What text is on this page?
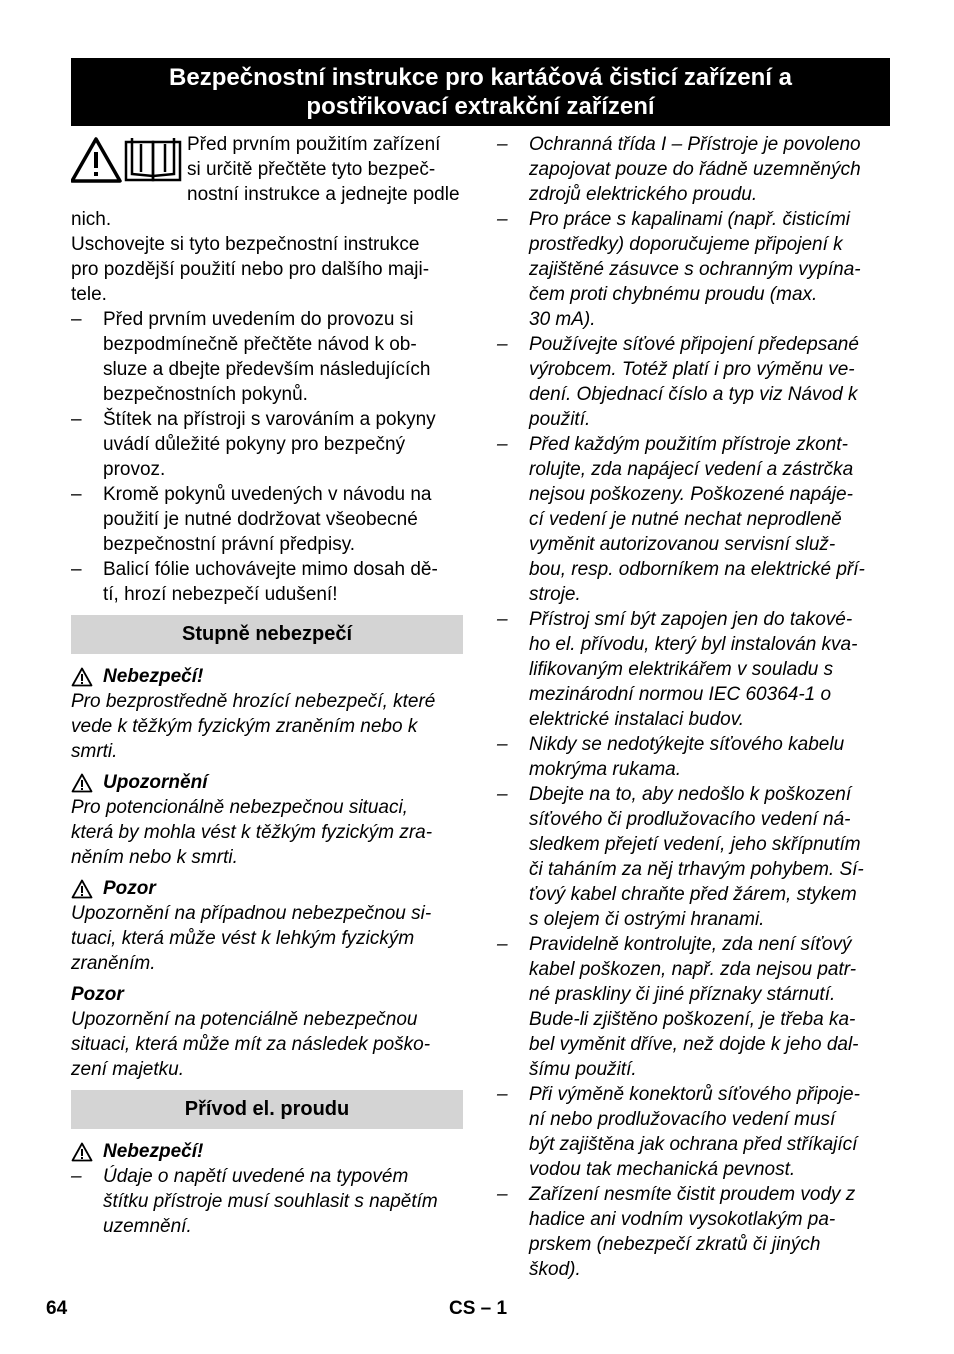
Bezpečnostní instrukce pro kartáčová čisticí zařízení a
postřikovací extrakční zařízení

Před prvním použitím zařízení

si určitě přečtěte tyto bezpeč-

nostní instrukce a jednejte podle nich.

Uschovejte si tyto bezpečnostní instrukce

pro pozdější použití nebo pro dalšího maji-

tele.

– Před prvním uvedením do provozu si
bezpodmínečně přečtěte návod k ob-
sluze a dbejte především následujících
bezpečnostních pokynů.
– Štítek na přístroji s varováním a pokyny
uvádí důležité pokyny pro bezpečný
provoz.
– Kromě pokynů uvedených v návodu na
použití je nutné dodržovat všeobecné
bezpečnostní právní předpisy.
– Balicí fólie uchovávejte mimo dosah dě-
tí, hrozí nebezpečí udušení!
Stupně nebezpečí
Nebezpečí!

Pro bezprostředně hrozící nebezpečí, které

vede k těžkým fyzickým zraněním nebo k

smrti.

Upozornění

Pro potencionálně nebezpečnou situaci,

která by mohla vést k těžkým fyzickým zra-

něním nebo k smrti.

Pozor

Upozornění na případnou nebezpečnou si-

tuaci, která může vést k lehkým fyzickým

zraněním.

Pozor

Upozornění na potenciálně nebezpečnou

situaci, která může mít za následek poško-

zení majetku.

Přívod el. proudu
Nebezpečí!
– Údaje o napětí uvedené na typovém
štítku přístroje musí souhlasit s napětím
uzemnění.
– Ochranná třída I – Přístroje je povoleno
zapojovat pouze do řádně uzemněných
zdrojů elektrického proudu.
– Pro práce s kapalinami (např. čisticími
prostředky) doporučujeme připojení k
zajištěné zásuvce s ochranným vypína-
čem proti chybnému proudu (max.
30 mA).
– Používejte síťové připojení předepsané
výrobcem. Totéž platí i pro výměnu ve-
dení. Objednací číslo a typ viz Návod k
použití.
– Před každým použitím přístroje zkont-
rolujte, zda napájecí vedení a zástrčka
nejsou poškozeny. Poškozené napáje-
cí vedení je nutné nechat neprodleně
vyměnit autorizovanou servisní služ-
bou, resp. odborníkem na elektrické pří-
stroje.
– Přístroj smí být zapojen jen do takové-
ho el. přívodu, který byl instalován kva-
lifikovaným elektrikářem v souladu s
mezinárodní normou IEC 60364-1 o
elektrické instalaci budov.
– Nikdy se nedotýkejte síťového kabelu
mokrýma rukama.
– Dbejte na to, aby nedošlo k poškození
síťového či prodlužovacího vedení ná-
sledkem přejetí vedení, jeho skřípnutím
či taháním za něj trhavým pohybem. Sí-
ťový kabel chraňte před žárem, stykem
s olejem či ostrými hranami.
– Pravidelně kontrolujte, zda není síťový
kabel poškozen, např. zda nejsou patr-
né praskliny či jiné příznaky stárnutí.
Bude-li zjištěno poškození, je třeba ka-
bel vyměnit dříve, než dojde k jeho dal-
šímu použití.
– Při výměně konektorů síťového připoje-
ní nebo prodlužovacího vedení musí
být zajištěna jak ochrana před stříkající
vodou tak mechanická pevnost.
– Zařízení nesmíte čistit proudem vody z
hadice ani vodním vysokotlakým pa-
prskem (nebezpečí zkratů či jiných
škod).
64	CS – 1
